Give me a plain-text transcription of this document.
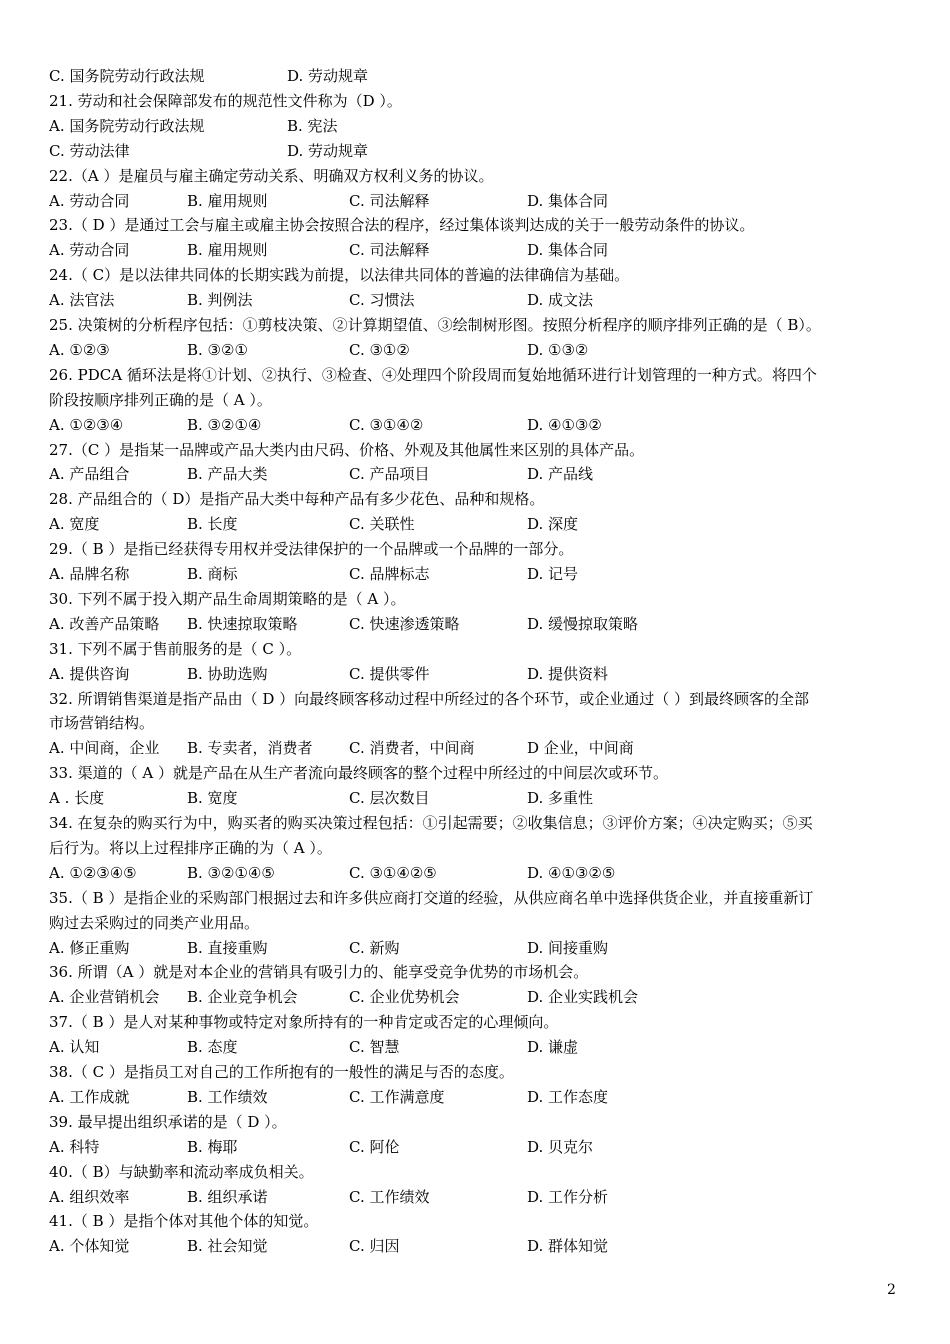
C. 国务院劳动行政法规	D. 劳动规章
21. 劳动和社会保障部发布的规范性文件称为（D ）。
A. 国务院劳动行政法规	B. 宪法
C. 劳动法律	D. 劳动规章
22.（A ）是雇员与雇主确定劳动关系、明确双方权利义务的协议。
A. 劳动合同	B. 雇用规则	C. 司法解释	D. 集体合同
23.（ D ）是通过工会与雇主或雇主协会按照合法的程序，经过集体谈判达成的关于一般劳动条件的协议。
A. 劳动合同	B. 雇用规则	C. 司法解释	D. 集体合同
24.（ C）是以法律共同体的长期实践为前提，以法律共同体的普遍的法律确信为基础。
A. 法官法	B. 判例法	C. 习惯法	D. 成文法
25. 决策树的分析程序包括：①剪枝决策、②计算期望值、③绘制树形图。按照分析程序的顺序排列正确的是（ B）。
A. ①②③	B. ③②①	C. ③①②	D. ①③②
26. PDCA 循环法是将①计划、②执行、③检查、④处理四个阶段周而复始地循环进行计划管理的一种方式。将四个
阶段按顺序排列正确的是（ A ）。
A. ①②③④	B. ③②①④	C. ③①④②	D. ④①③②
27.（C ）是指某一品牌或产品大类内由尺码、价格、外观及其他属性来区别的具体产品。
A. 产品组合	B. 产品大类	C. 产品项目	D. 产品线
28. 产品组合的（ D）是指产品大类中每种产品有多少花色、品种和规格。
A. 宽度	B. 长度	C. 关联性	D. 深度
29.（ B ）是指已经获得专用权并受法律保护的一个品牌或一个品牌的一部分。
A. 品牌名称	B. 商标	C. 品牌标志	D. 记号
30. 下列不属于投入期产品生命周期策略的是（ A ）。
A. 改善产品策略 B. 快速掠取策略	C. 快速渗透策略	D. 缓慢掠取策略
31. 下列不属于售前服务的是（ C ）。
A. 提供咨询	B. 协助选购	C. 提供零件	D. 提供资料
32. 所谓销售渠道是指产品由（ D ）向最终顾客移动过程中所经过的各个环节，或企业通过（ ）到最终顾客的全部
市场营销结构。
A. 中间商，企业 B. 专卖者，消费者 C. 消费者，中间商	D 企业，中间商
33. 渠道的（ A ）就是产品在从生产者流向最终顾客的整个过程中所经过的中间层次或环节。
A . 长度	B. 宽度	C. 层次数目	D. 多重性
34. 在复杂的购买行为中，购买者的购买决策过程包括：①引起需要；②收集信息；③评价方案；④决定购买；⑤买
后行为。将以上过程排序正确的为（ A ）。
A. ①②③④⑤	B. ③②①④⑤	C. ③①④②⑤	D. ④①③②⑤
35.（ B ）是指企业的采购部门根据过去和许多供应商打交道的经验，从供应商名单中选择供货企业，并直接重新订
购过去采购过的同类产业用品。
A. 修正重购	B. 直接重购	C. 新购	D. 间接重购
36. 所谓（A ）就是对本企业的营销具有吸引力的、能享受竞争优势的市场机会。
A. 企业营销机会 B. 企业竞争机会	C. 企业优势机会	D. 企业实践机会
37.（ B ）是人对某种事物或特定对象所持有的一种肯定或否定的心理倾向。
A. 认知	B. 态度	C. 智慧	D. 谦虚
38.（ C ）是指员工对自己的工作所抱有的一般性的满足与否的态度。
A. 工作成就	B. 工作绩效	C. 工作满意度	D. 工作态度
39. 最早提出组织承诺的是（ D ）。
A. 科特	B. 梅耶	C. 阿伦	D. 贝克尔
40.（ B）与缺勤率和流动率成负相关。
A. 组织效率	B. 组织承诺	C. 工作绩效	D. 工作分析
41.（ B ）是指个体对其他个体的知觉。
A. 个体知觉	B. 社会知觉	C. 归因	D. 群体知觉
2
